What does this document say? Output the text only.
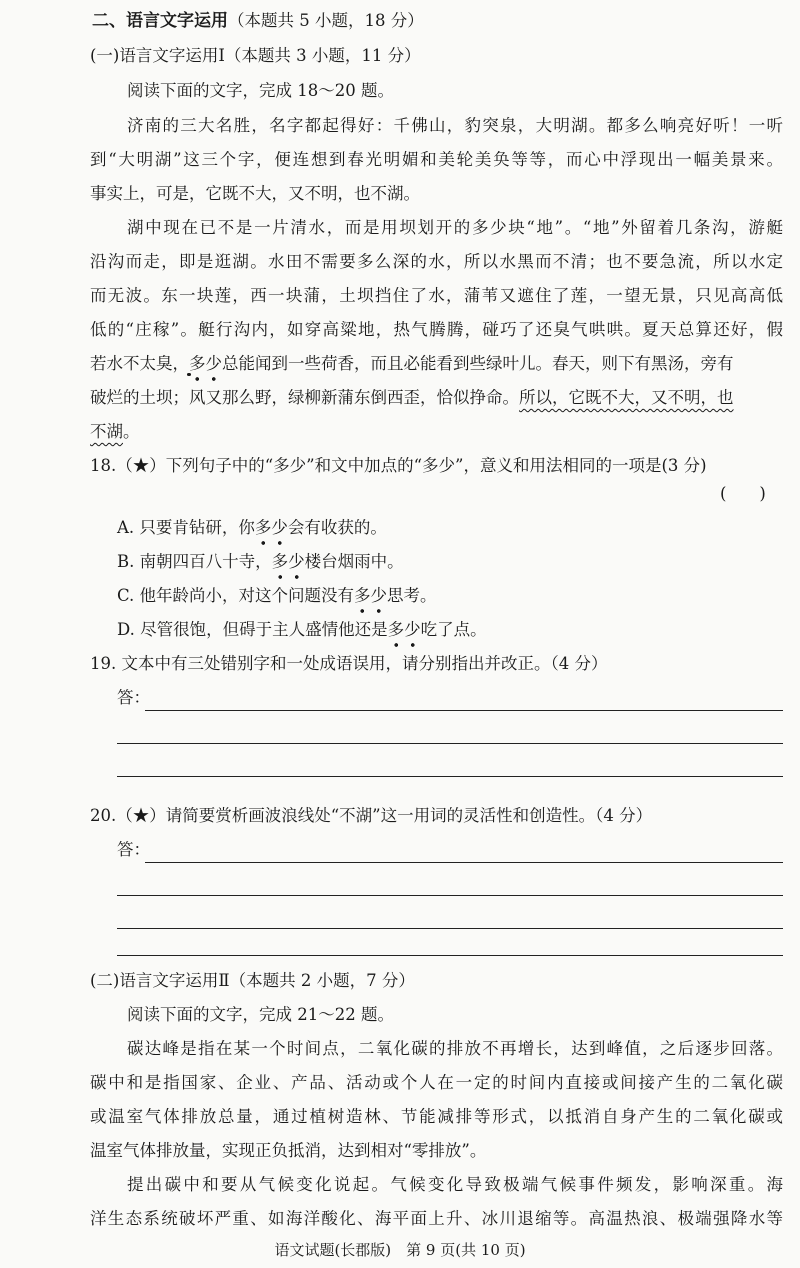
二、语言文字运用（本题共 5 小题，18 分）
(一)语言文字运用Ⅰ（本题共 3 小题，11 分）
阅读下面的文字，完成 18～20 题。
济南的三大名胜，名字都起得好：千佛山，豹突泉，大明湖。都多么响亮好听！一听
到“大明湖”这三个字，便连想到春光明媚和美轮美奂等等，而心中浮现出一幅美景来。
事实上，可是，它既不大，又不明，也不湖。
湖中现在已不是一片清水，而是用坝划开的多少块“地”。“地”外留着几条沟，游艇
沿沟而走，即是逛湖。水田不需要多么深的水，所以水黑而不清；也不要急流，所以水定
而无波。东一块莲，西一块蒲，土坝挡住了水，蒲苇又遮住了莲，一望无景，只见高高低
低的“庄稼”。艇行沟内，如穿高粱地，热气腾腾，碰巧了还臭气哄哄。夏天总算还好，假
若水不太臭，多少总能闻到一些荷香，而且必能看到些绿叶儿。春天，则下有黑汤，旁有
破烂的土坝；风又那么野，绿柳新蒲东倒西歪，恰似挣命。所以，它既不大，又不明，也
不湖。
18.（★）下列句子中的“多少”和文中加点的“多少”，意义和用法相同的一项是(3 分)
(　　)
A. 只要肯钻研，你多少会有收获的。
B. 南朝四百八十寺，多少楼台烟雨中。
C. 他年龄尚小，对这个问题没有多少思考。
D. 尽管很饱，但碍于主人盛情他还是多少吃了点。
19. 文本中有三处错别字和一处成语误用，请分别指出并改正。（4 分）
答：
20.（★）请简要赏析画波浪线处“不湖”这一用词的灵活性和创造性。（4 分）
答：
(二)语言文字运用Ⅱ（本题共 2 小题，7 分）
阅读下面的文字，完成 21～22 题。
碳达峰是指在某一个时间点，二氧化碳的排放不再增长，达到峰值，之后逐步回落。
碳中和是指国家、企业、产品、活动或个人在一定的时间内直接或间接产生的二氧化碳
或温室气体排放总量，通过植树造林、节能减排等形式，以抵消自身产生的二氧化碳或
温室气体排放量，实现正负抵消，达到相对“零排放”。
提出碳中和要从气候变化说起。气候变化导致极端气候事件频发，影响深重。海
洋生态系统破坏严重、如海洋酸化、海平面上升、冰川退缩等。高温热浪、极端强降水等
语文试题(长郡版)　第 9 页(共 10 页)
